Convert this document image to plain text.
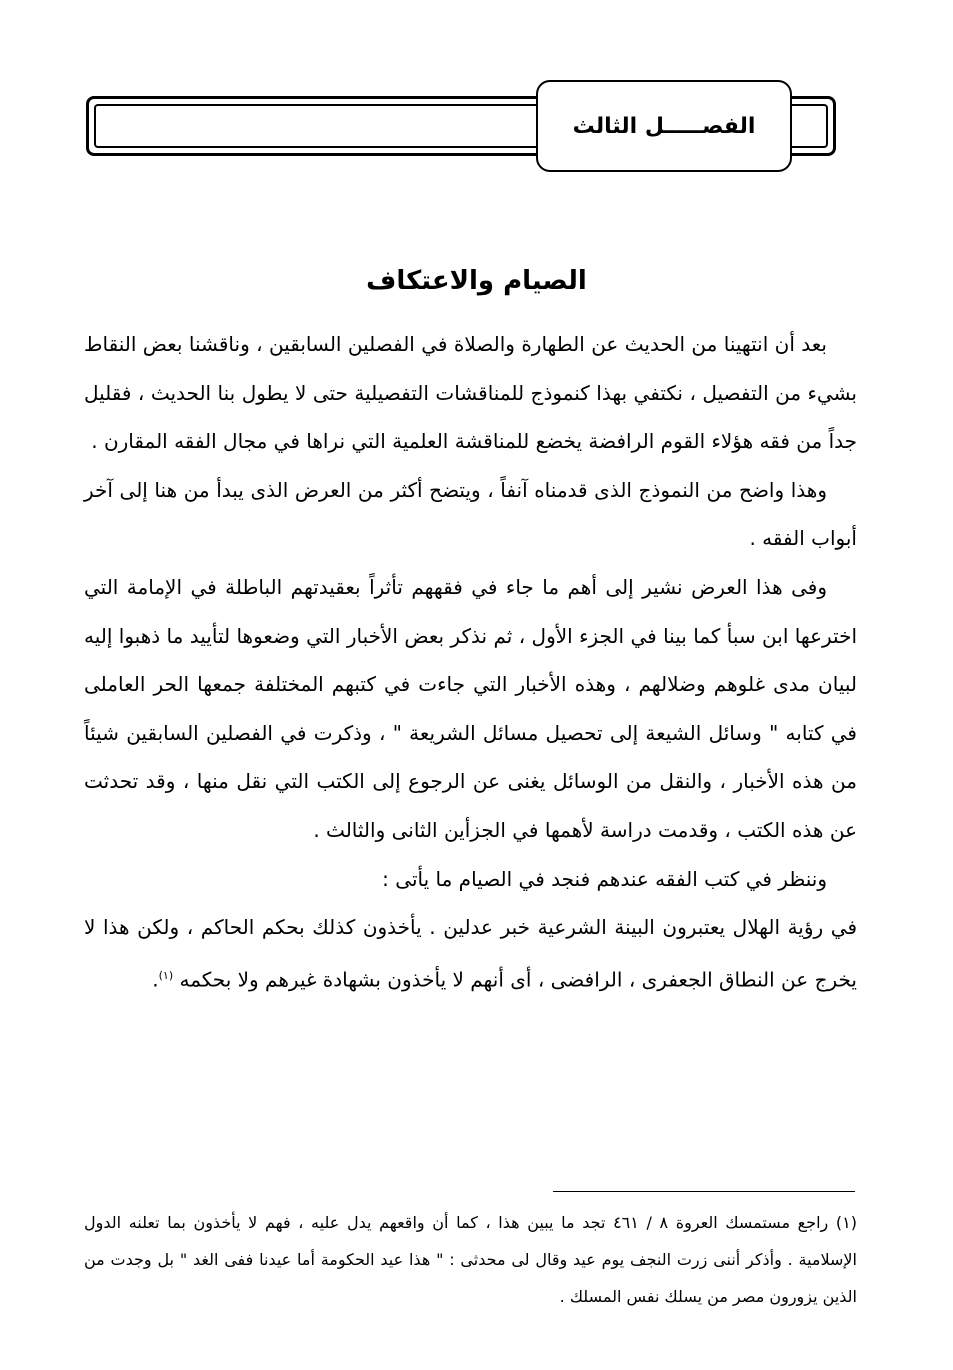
الفصـــــل الثالث
الصيام والاعتكاف

بعد أن انتهينا من الحديث عن الطهارة والصلاة في الفصلين السابقين ، وناقشنا بعض النقاط بشيء من التفصيل ، نكتفي بهذا كنموذج للمناقشات التفصيلية حتى لا يطول بنا الحديث ، فقليل جداً من فقه هؤلاء القوم الرافضة يخضع للمناقشة العلمية التي نراها في مجال الفقه المقارن .

وهذا واضح من النموذج الذى قدمناه آنفاً ، ويتضح أكثر من العرض الذى يبدأ من هنا إلى آخر أبواب الفقه .

وفى هذا العرض نشير إلى أهم ما جاء في فقههم تأثراً بعقيدتهم الباطلة في الإمامة التي اخترعها ابن سبأ كما بينا في الجزء الأول ، ثم نذكر بعض الأخبار التي وضعوها لتأييد ما ذهبوا إليه لبيان مدى غلوهم وضلالهم ، وهذه الأخبار التي جاءت في كتبهم المختلفة جمعها الحر العاملى في كتابه " وسائل الشيعة إلى تحصيل مسائل الشريعة " ، وذكرت في الفصلين السابقين شيئاً من هذه الأخبار ، والنقل من الوسائل يغنى عن الرجوع إلى الكتب التي نقل منها ، وقد تحدثت عن هذه الكتب ، وقدمت دراسة لأهمها في الجزأين الثانى والثالث .

وننظر في كتب الفقه عندهم فنجد في الصيام ما يأتى :

في رؤية الهلال يعتبرون البينة الشرعية خبر عدلين . يأخذون كذلك بحكم الحاكم ، ولكن هذا لا يخرج عن النطاق الجعفرى ، الرافضى ، أى أنهم لا يأخذون بشهادة غيرهم ولا بحكمه $^{(١)}$.

(١) راجع مستمسك العروة ٨ / ٤٦١ تجد ما يبين هذا ، كما أن واقعهم يدل عليه ، فهم لا يأخذون بما تعلنه الدول الإسلامية . وأذكر أننى زرت النجف يوم عيد وقال لى محدثى : " هذا عيد الحكومة أما عيدنا ففى الغد " بل وجدت من الذين يزورون مصر من يسلك نفس المسلك .
